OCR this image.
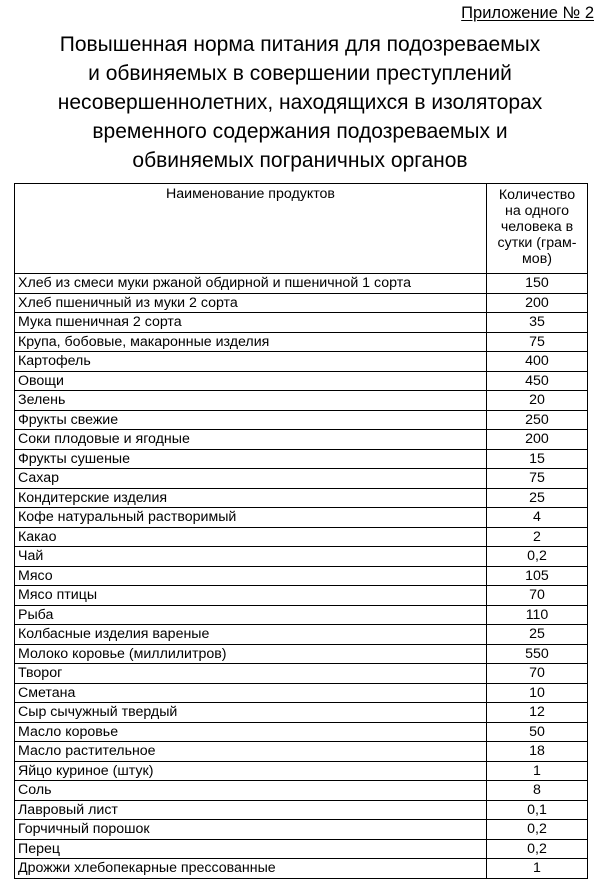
Приложение № 2
Повышенная норма питания для подозреваемых
и обвиняемых в совершении преступлений
несовершеннолетних, находящихся в изоляторах
временного содержания подозреваемых и
обвиняемых пограничных органов
Наименование продуктов	Количество
на одного
человека в
сутки (грам-
мов)

Хлеб из смеси муки ржаной обдирной и пшеничной 1 сорта	150
Хлеб пшеничный из муки 2 сорта	200
Мука пшеничная 2 сорта	35
Крупа, бобовые, макаронные изделия	75
Картофель	400
Овощи	450
Зелень	20
Фрукты свежие	250
Соки плодовые и ягодные	200
Фрукты сушеные	15
Сахар	75
Кондитерские изделия	25
Кофе натуральный растворимый	4
Какао	2
Чай	0,2
Мясо	105
Мясо птицы	70
Рыба	110
Колбасные изделия вареные	25
Молоко коровье (миллилитров)	550
Творог	70
Сметана	10
Сыр сычужный твердый	12
Масло коровье	50
Масло растительное	18
Яйцо куриное (штук)	1
Соль	8
Лавровый лист	0,1
Горчичный порошок	0,2
Перец	0,2
Дрожжи хлебопекарные прессованные	1
